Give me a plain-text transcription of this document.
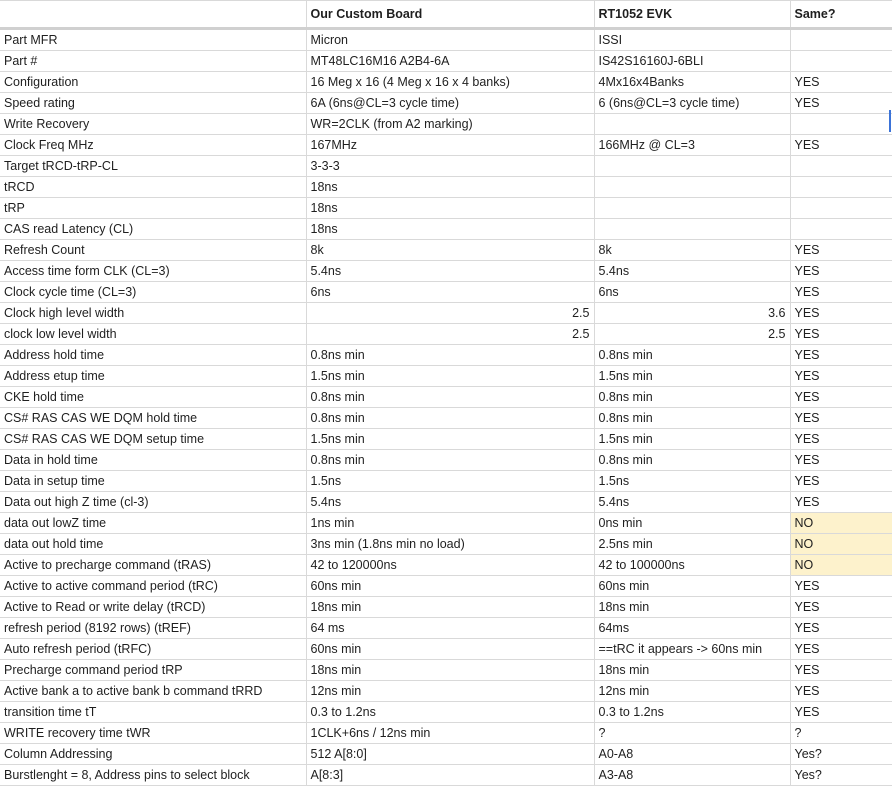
	Our Custom Board	RT1052 EVK	Same?
Part MFR	Micron	ISSI	
Part #	MT48LC16M16 A2B4-6A	IS42S16160J-6BLI	
Configuration	16 Meg x 16 (4 Meg x 16 x 4 banks)	4Mx16x4Banks	YES
Speed rating	6A (6ns@CL=3 cycle time)	6 (6ns@CL=3 cycle time)	YES
Write Recovery	WR=2CLK (from A2 marking)		
Clock Freq MHz	167MHz	166MHz @ CL=3	YES
Target tRCD-tRP-CL	3-3-3		
tRCD	18ns		
tRP	18ns		
CAS read Latency (CL)	18ns		
Refresh Count	8k	8k	YES
Access time form CLK (CL=3)	5.4ns	5.4ns	YES
Clock cycle time (CL=3)	6ns	6ns	YES
Clock high level width	2.5	3.6	YES
clock low level width	2.5	2.5	YES
Address hold time	0.8ns min	0.8ns min	YES
Address etup time	1.5ns min	1.5ns min	YES
CKE hold time	0.8ns min	0.8ns min	YES
CS# RAS CAS WE DQM hold time	0.8ns min	0.8ns min	YES
CS# RAS CAS WE DQM setup time	1.5ns min	1.5ns min	YES
Data in hold time	0.8ns min	0.8ns min	YES
Data in setup time	1.5ns	1.5ns	YES
Data out high Z time (cl-3)	5.4ns	5.4ns	YES
data out lowZ time	1ns min	0ns min	NO
data out hold time	3ns min (1.8ns min no load)	2.5ns min	NO
Active to precharge command (tRAS)	42 to 120000ns	42 to 100000ns	NO
Active to active command period (tRC)	60ns min	60ns min	YES
Active to Read or write delay (tRCD)	18ns min	18ns min	YES
refresh period (8192 rows) (tREF)	64 ms	64ms	YES
Auto refresh period (tRFC)	60ns min	==tRC it appears -> 60ns min	YES
Precharge command period tRP	18ns min	18ns min	YES
Active bank a to active bank b command tRRD	12ns min	12ns min	YES
transition time tT	0.3 to 1.2ns	0.3 to 1.2ns	YES
WRITE recovery time tWR	1CLK+6ns / 12ns min	?	?
Column Addressing	512 A[8:0]	A0-A8	Yes?
Burstlenght = 8, Address pins to select block	A[8:3]	A3-A8	Yes?
